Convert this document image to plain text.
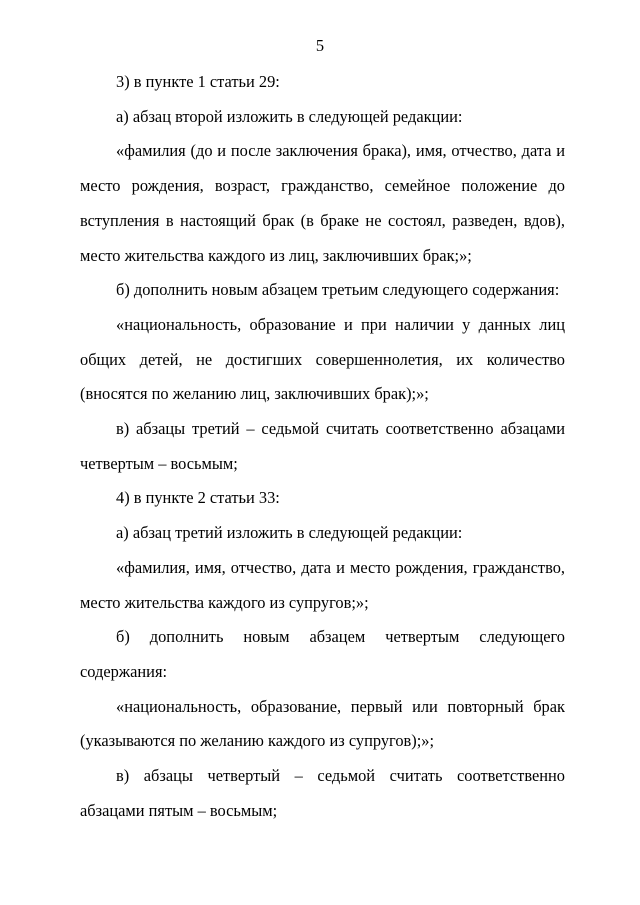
5

3) в пункте 1 статьи 29:

а) абзац второй изложить в следующей редакции:

«фамилия (до и после заключения брака), имя, отчество, дата и место рождения, возраст, гражданство, семейное положение до вступления в настоящий брак (в браке не состоял, разведен, вдов), место жительства каждого из лиц, заключивших брак;»;

б) дополнить новым абзацем третьим следующего содержания:

«национальность, образование и при наличии у данных лиц общих детей, не достигших совершеннолетия, их количество (вносятся по желанию лиц, заключивших брак);»;

в) абзацы третий – седьмой считать соответственно абзацами четвертым – восьмым;

4) в пункте 2 статьи 33:

а) абзац третий изложить в следующей редакции:

«фамилия, имя, отчество, дата и место рождения, гражданство, место жительства каждого из супругов;»;

б) дополнить новым абзацем четвертым следующего содержания:

«национальность, образование, первый или повторный брак (указываются по желанию каждого из супругов);»;

в) абзацы четвертый – седьмой считать соответственно абзацами пятым – восьмым;
